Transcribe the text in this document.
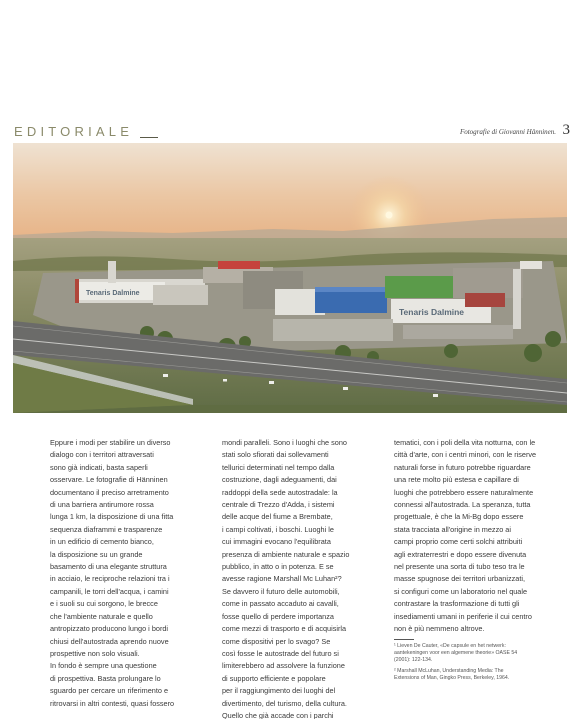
EDITORIALE	Fotografie di Giovanni Hänninen. 3
Tenaris Dalmine
Tenaris Dalmine

Eppure i modi per stabilire un diverso
dialogo con i territori attraversati
sono già indicati, basta saperli
osservare. Le fotografie di Hänninen
documentano il preciso arretramento
di una barriera antirumore rossa
lunga 1 km, la disposizione di una fitta
sequenza diaframmi e trasparenze
in un edificio di cemento bianco,
la disposizione su un grande
basamento di una elegante struttura
in acciaio, le reciproche relazioni tra i
campanili, le torri dell'acqua, i camini
e i suoli su cui sorgono, le brecce
che l'ambiente naturale e quello
antropizzato producono lungo i bordi
chiusi dell'autostrada aprendo nuove
prospettive non solo visuali.
In fondo è sempre una questione
di prospettiva. Basta prolungare lo
sguardo per cercare un riferimento e
ritrovarsi in altri contesti, quasi fossero

mondi paralleli. Sono i luoghi che sono
stati solo sfiorati dai sollevamenti
tellurici determinati nel tempo dalla
costruzione, dagli adeguamenti, dai
raddoppi della sede autostradale: la
centrale di Trezzo d'Adda, i sistemi
delle acque del fiume a Brembate,
i campi coltivati, i boschi. Luoghi le
cui immagini evocano l'equilibrata
presenza di ambiente naturale e spazio
pubblico, in atto o in potenza. E se
avesse ragione Marshall Mc Luhan²?
Se davvero il futuro delle automobili,
come in passato accaduto ai cavalli,
fosse quello di perdere importanza
come mezzi di trasporto e di acquisirla
come dispositivi per lo svago? Se
così fosse le autostrade del futuro si
limiterebbero ad assolvere la funzione
di supporto efficiente e popolare
per il raggiungimento dei luoghi del
divertimento, del turismo, della cultura.
Quello che già accade con i parchi

tematici, con i poli della vita notturna, con le
città d'arte, con i centri minori, con le riserve
naturali forse in futuro potrebbe riguardare
una rete molto più estesa e capillare di
luoghi che potrebbero essere naturalmente
connessi all'autostrada. La speranza, tutta
progettuale, è che la Mi-Bg dopo essere
stata tracciata all'origine in mezzo ai
campi proprio come certi solchi attribuiti
agli extraterrestri e dopo essere divenuta
nel presente una sorta di tubo teso tra le
masse spugnose dei territori urbanizzati,
si configuri come un laboratorio nel quale
contrastare la trasformazione di tutti gli
insediamenti umani in periferie il cui centro
non è più nemmeno altrove.

¹ Lieven De Cauter, «De capsule en het netwerk:
aantekeningen voor een algemene theorie» OASE 54
(2001): 122-134.

² Marshall McLuhan, Understanding Media: The
Extensions of Man, Gingko Press, Berkeley, 1964.
